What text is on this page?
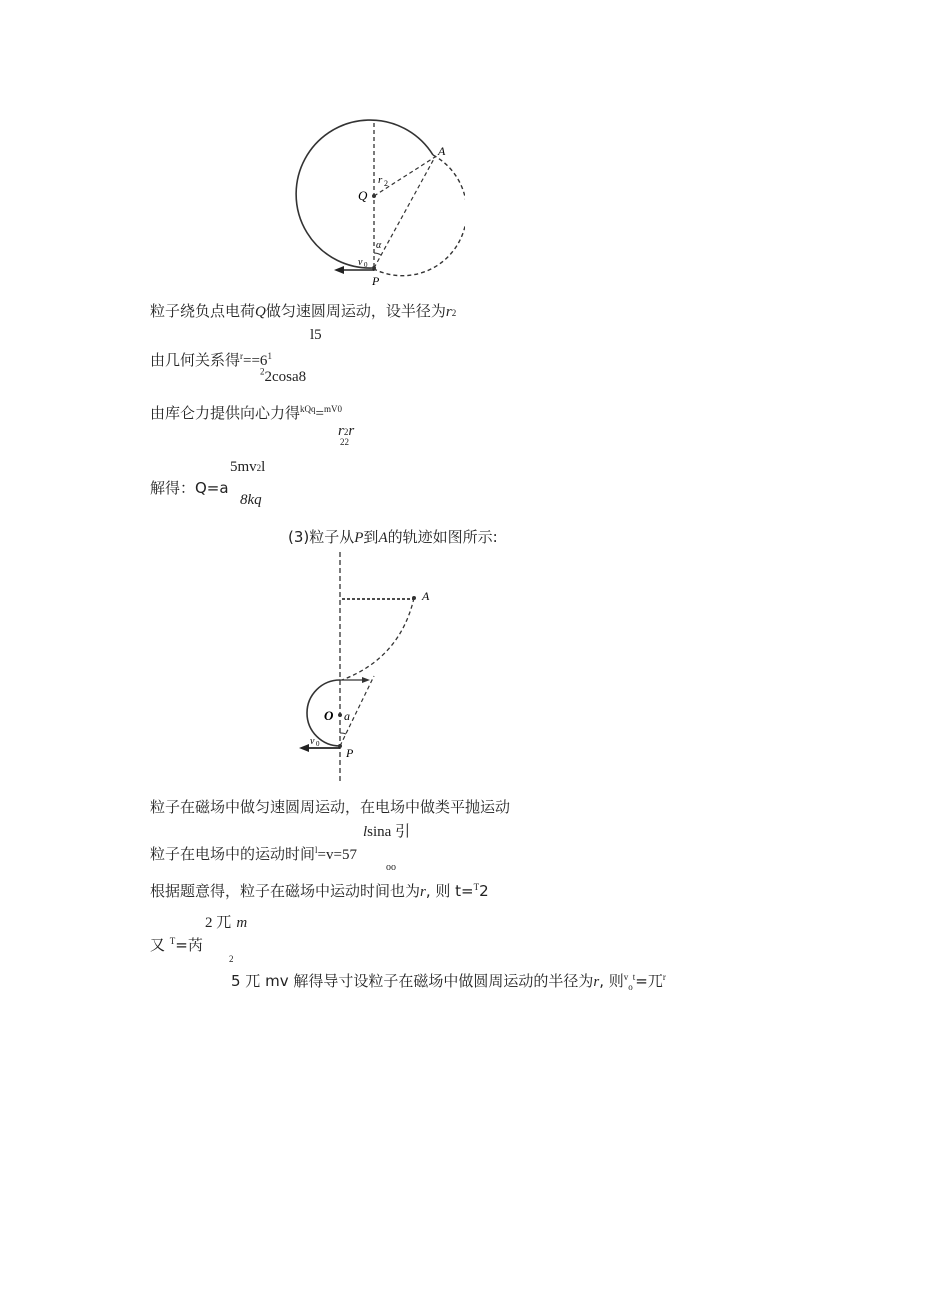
A
Q
r 2
α
v 0
P
粒子绕负点电荷Q做匀速圆周运动，设半径为r2
l5
由几何关系得$^r==6^1$
$^2$2cosa8
由库仑力提供向心力得$^{kQq}$=$^{mV0}$
r2r
22
5mv2l
解得：Q=a
8kq
(3)粒子从P到A的轨迹如图所示:
A
O a
v 0
P
粒子在磁场中做匀速圆周运动，在电场中做类平抛运动
lsina 引
粒子在电场中的运动时间$^l$=v=57
oo
根据题意得，粒子在磁场中运动时间也为r, 则 t=$^T$2
2 兀 m
又 $^T$=芮
2
5 兀 mv 解得导寸设粒子在磁场中做圆周运动的半径为r, 则$^v_o^t$=兀$^r$
